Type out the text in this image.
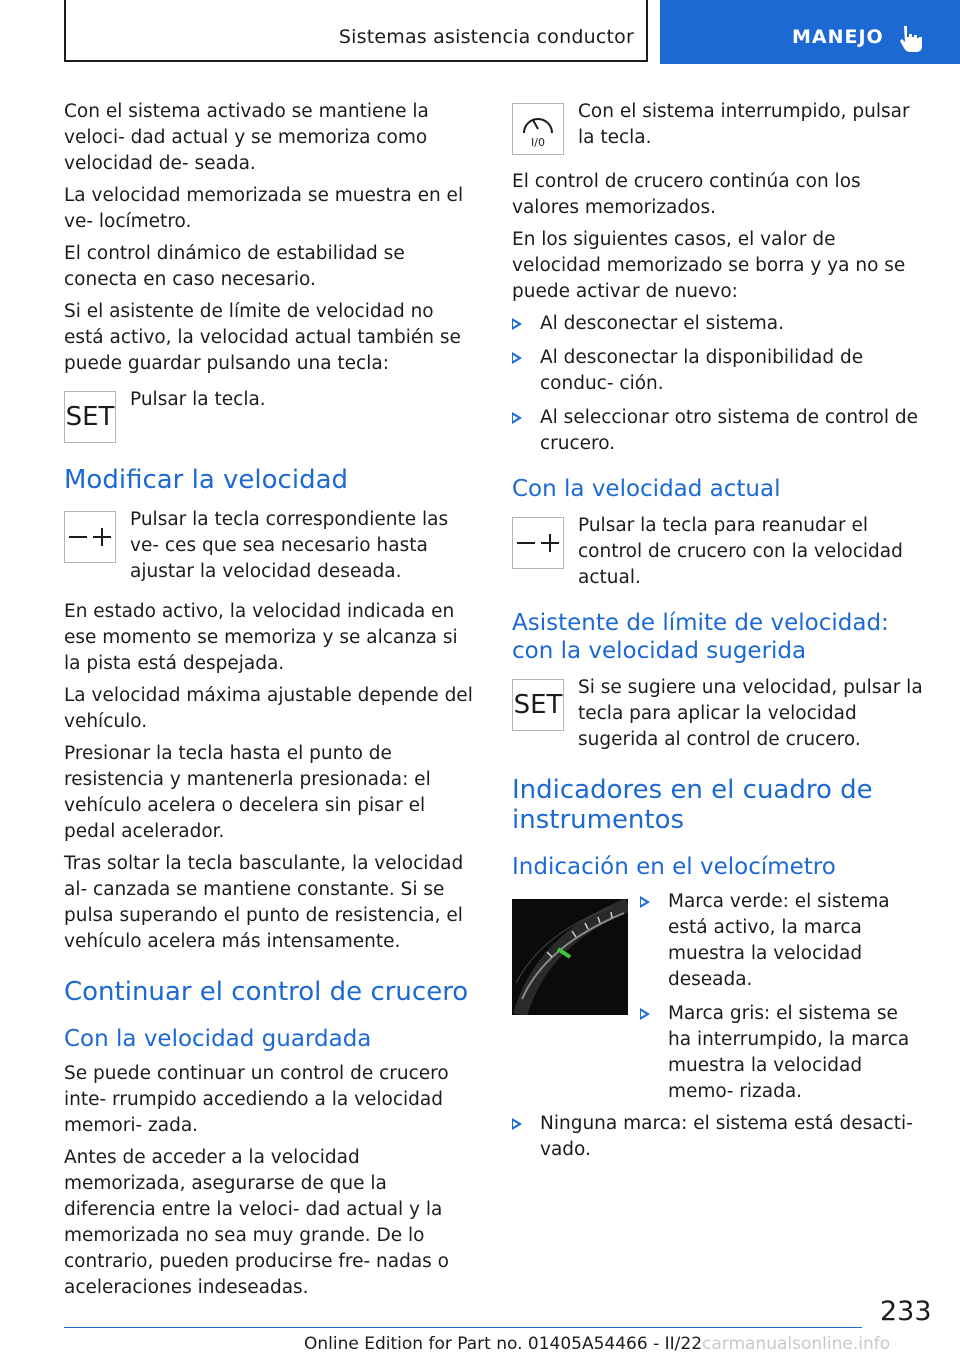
Sistemas asistencia conductor	MANEJO

Con el sistema activado se mantiene la veloci‐ dad actual y se memoriza como velocidad de‐ seada.

La velocidad memorizada se muestra en el ve‐ locímetro.

El control dinámico de estabilidad se conecta en caso necesario.

Si el asistente de límite de velocidad no está activo, la velocidad actual también se puede guardar pulsando una tecla:

SET
Pulsar la tecla.
Modificar la velocidad
Pulsar la tecla correspondiente las ve‐ ces que sea necesario hasta ajustar la velocidad deseada.

En estado activo, la velocidad indicada en ese momento se memoriza y se alcanza si la pista está despejada.

La velocidad máxima ajustable depende del vehículo.

Presionar la tecla hasta el punto de resistencia y mantenerla presionada: el vehículo acelera o decelera sin pisar el pedal acelerador.

Tras soltar la tecla basculante, la velocidad al‐ canzada se mantiene constante. Si se pulsa superando el punto de resistencia, el vehículo acelera más intensamente.

Continuar el control de crucero
Con la velocidad guardada

Se puede continuar un control de crucero inte‐ rrumpido accediendo a la velocidad memori‐ zada.

Antes de acceder a la velocidad memorizada, asegurarse de que la diferencia entre la veloci‐ dad actual y la memorizada no sea muy grande. De lo contrario, pueden producirse fre‐ nadas o aceleraciones indeseadas.

I/0
Con el sistema interrumpido, pulsar la tecla.

El control de crucero continúa con los valores memorizados.

En los siguientes casos, el valor de velocidad memorizado se borra y ya no se puede activar de nuevo:

Al desconectar el sistema.
Al desconectar la disponibilidad de conduc‐ ción.
Al seleccionar otro sistema de control de crucero.
Con la velocidad actual
Pulsar la tecla para reanudar el control de crucero con la velocidad actual.
Asistente de límite de velocidad: con la velocidad sugerida
SET
Si se sugiere una velocidad, pulsar la tecla para aplicar la velocidad sugerida al control de crucero.
Indicadores en el cuadro de instrumentos
Indicación en el velocímetro
Marca verde: el sistema está activo, la marca muestra la velocidad deseada.
Marca gris: el sistema se ha interrumpido, la marca muestra la velocidad memo‐ rizada.
Ninguna marca: el sistema está desacti‐ vado.
233
Online Edition for Part no. 01405A54466 - II/22 carmanualsonline.info
